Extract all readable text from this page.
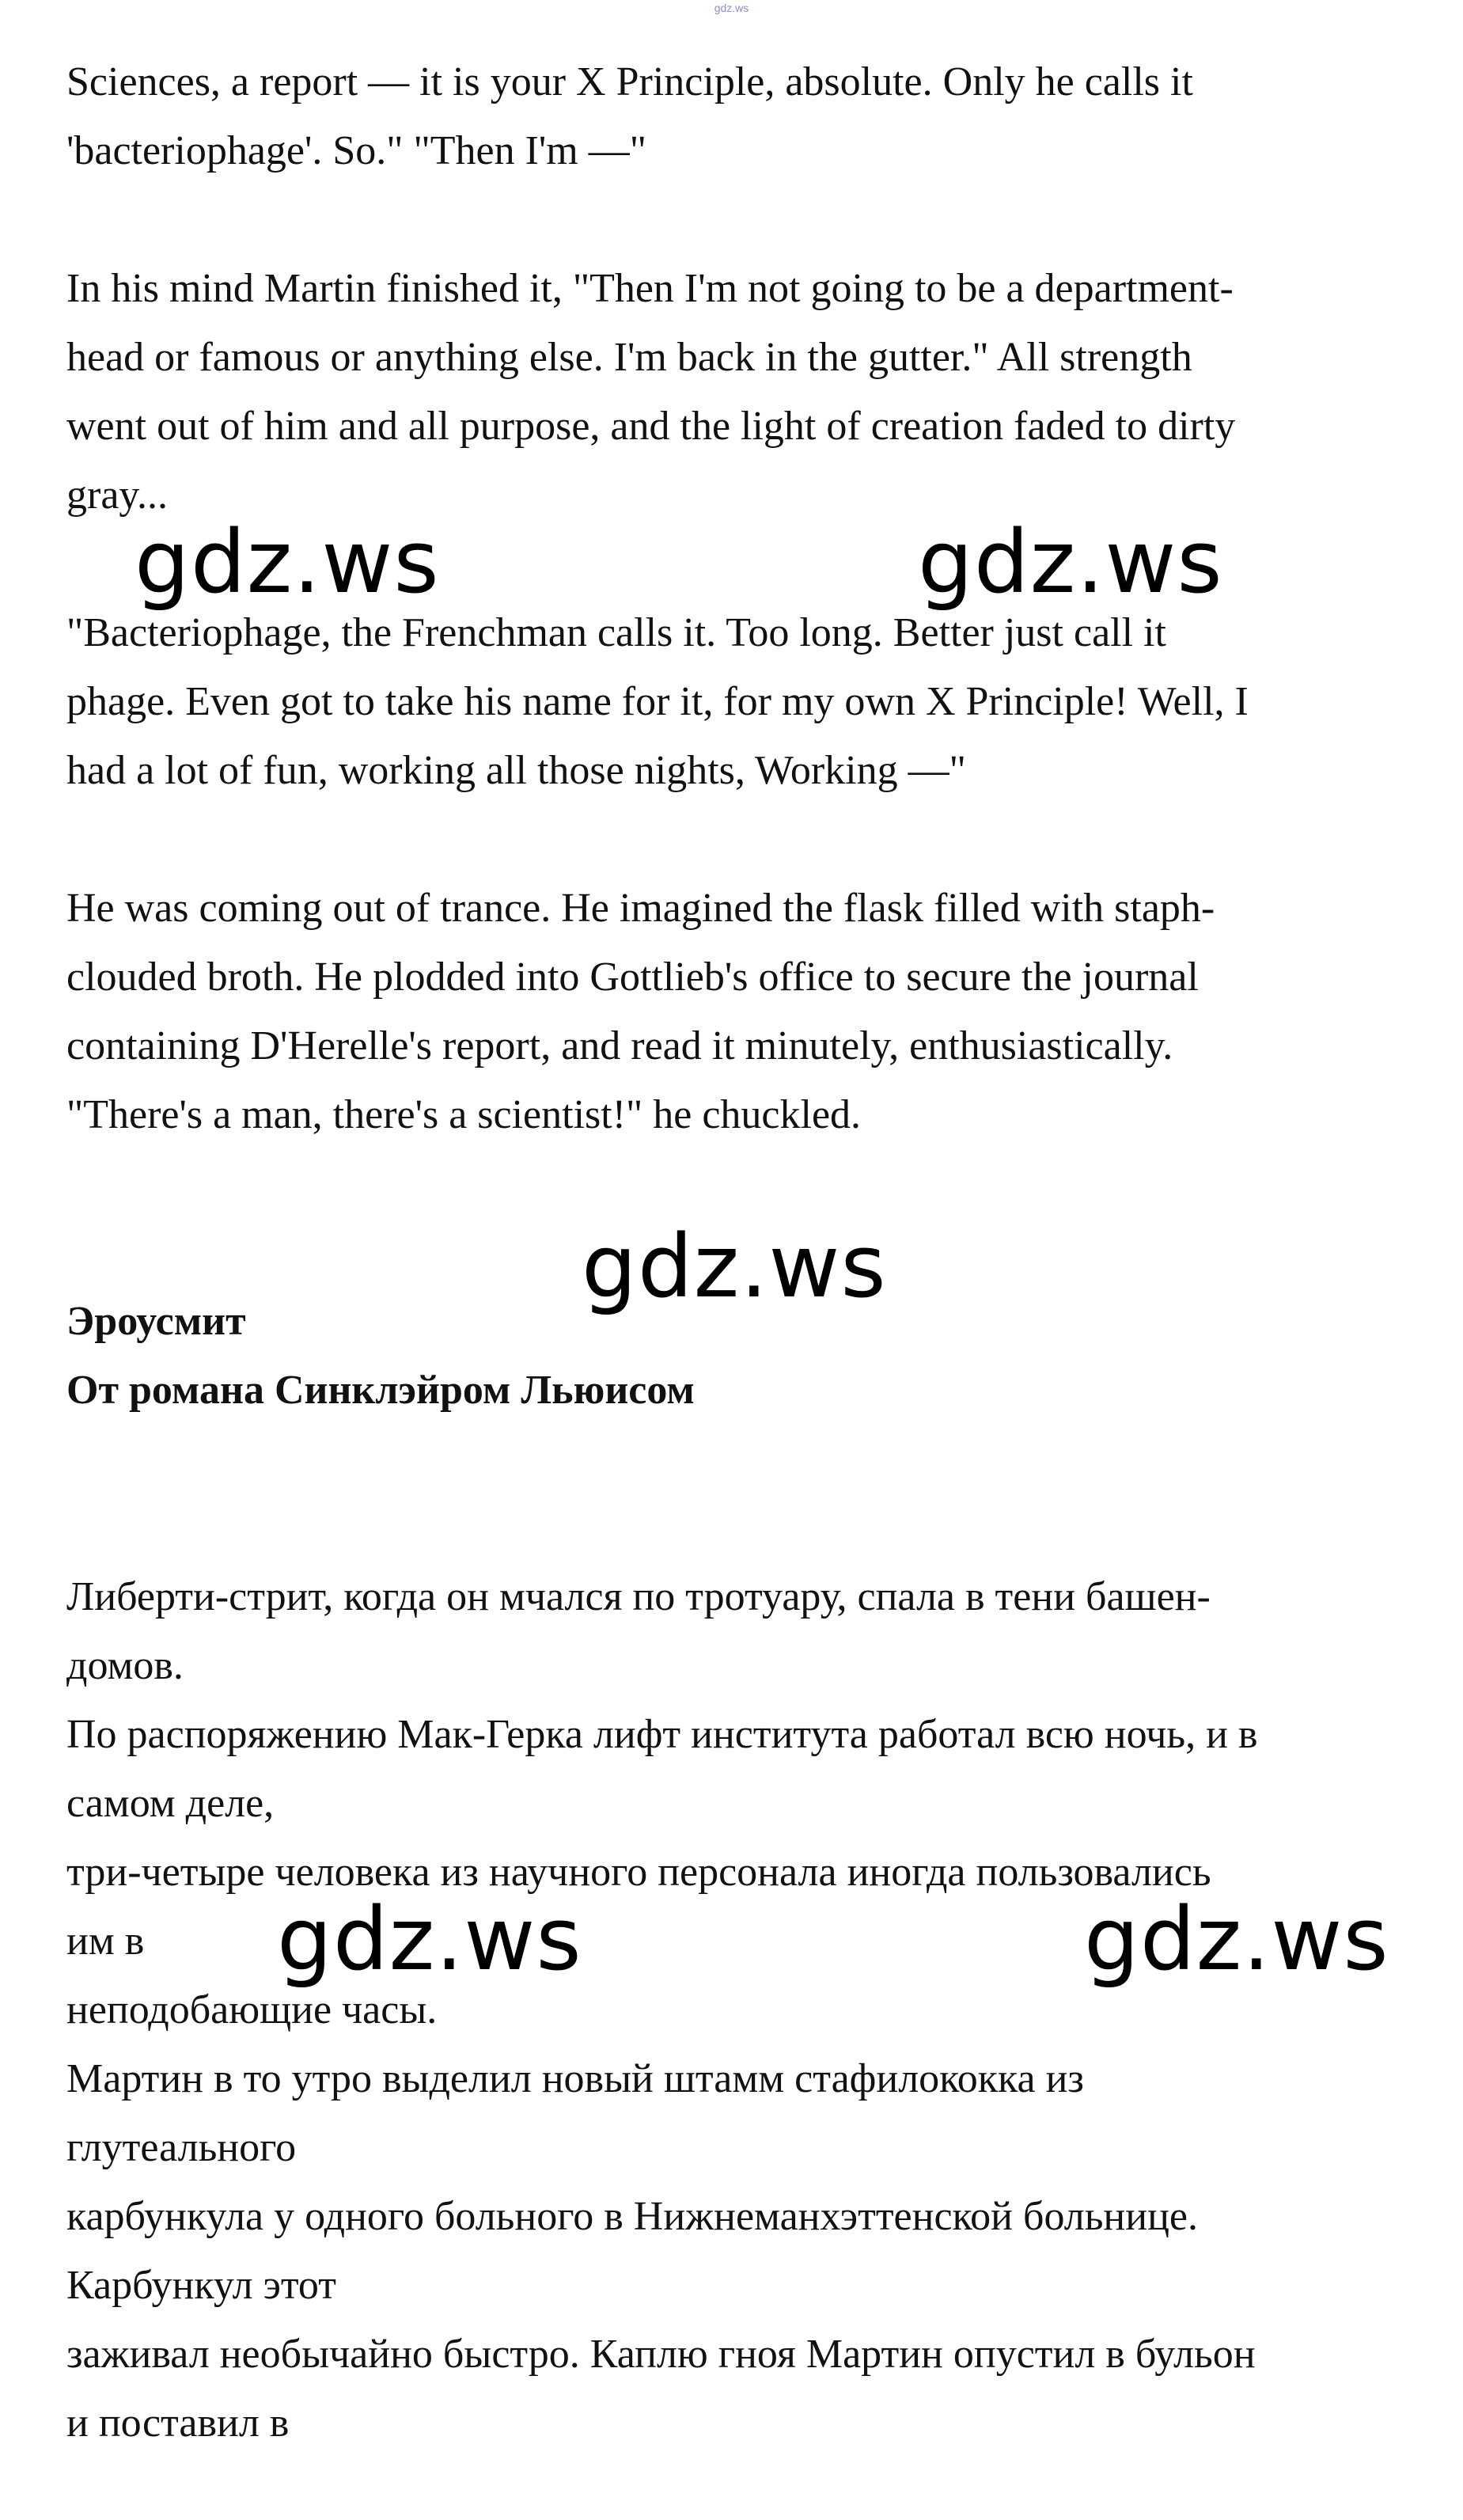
gdz.ws
Sciences, a report — it is your X Principle, absolute. Only he calls it
'bacteriophage'. So." "Then I'm —"
In his mind Martin finished it, "Then I'm not going to be a department-
head or famous or anything else. I'm back in the gutter." All strength
went out of him and all purpose, and the light of creation faded to dirty
gray...
"Bacteriophage, the Frenchman calls it. Too long. Better just call it
phage. Even got to take his name for it, for my own X Principle! Well, I
had a lot of fun, working all those nights, Working —"
He was coming out of trance. He imagined the flask filled with staph-
clouded broth. He plodded into Gottlieb's office to secure the journal
containing D'Herelle's report, and read it minutely, enthusiastically.
"There's a man, there's a scientist!" he chuckled.
Эроусмит
От романа Синклэйром Льюисом
Либерти-стрит, когда он мчался по тротуару, спала в тени башен-
домов.
По распоряжению Мак-Герка лифт института работал всю ночь, и в
самом деле,
три-четыре человека из научного персонала иногда пользовались
им в
неподобающие часы.
Мартин в то утро выделил новый штамм стафилококка из
глутеального
карбункула у одного больного в Нижнеманхэттенской больнице.
Карбункул этот
заживал необычайно быстро. Каплю гноя Мартин опустил в бульон
и поставил в
gdz.ws	gdz.ws
gdz.ws
gdz.ws	gdz.ws
